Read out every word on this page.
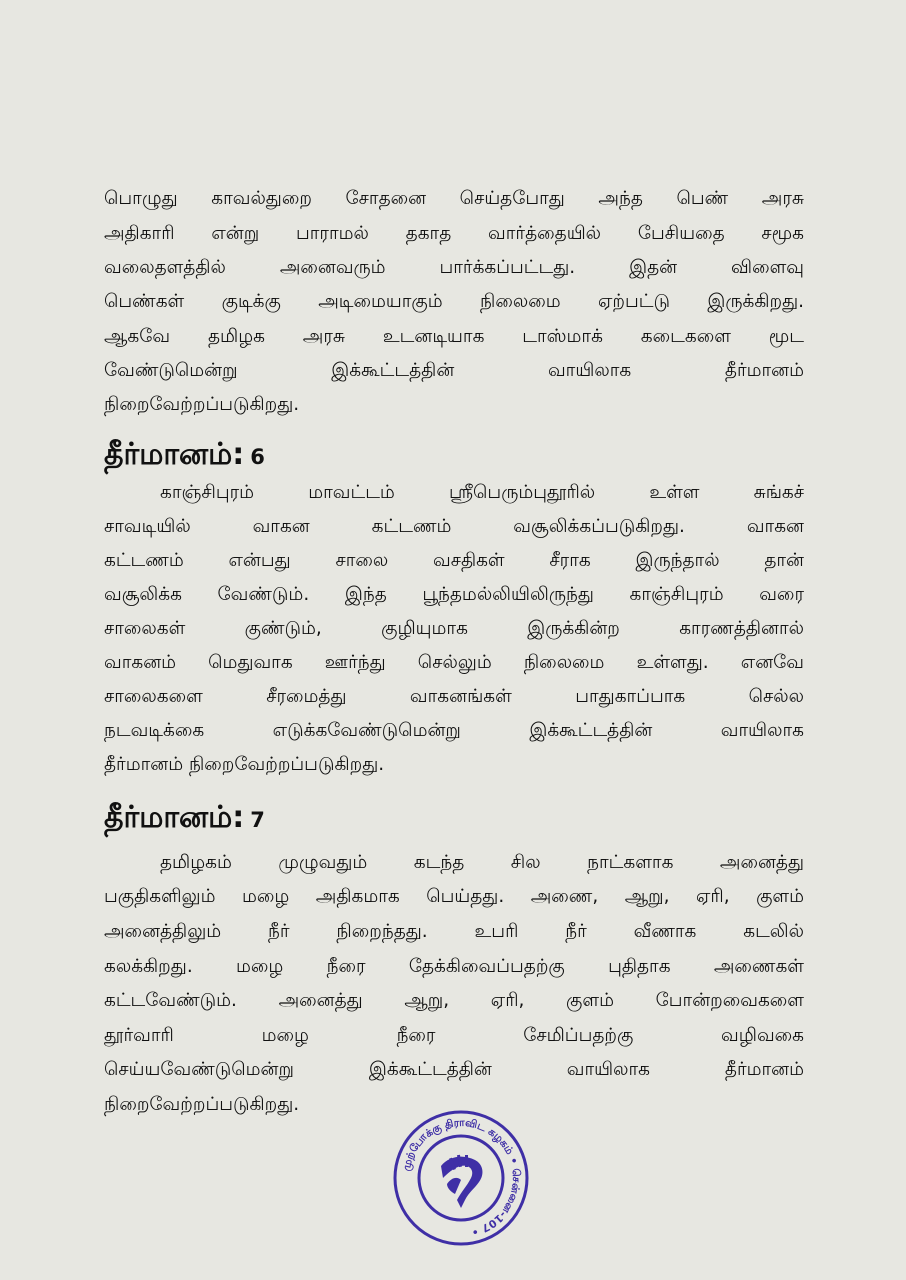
பொழுது காவல்துறை சோதனை செய்தபோது அந்த பெண் அரசு
அதிகாரி என்று பாராமல் தகாத வார்த்தையில் பேசியதை சமூக
வலைதளத்தில் அனைவரும் பார்க்கப்பட்டது. இதன் விளைவு
பெண்கள் குடிக்கு அடிமையாகும் நிலைமை ஏற்பட்டு இருக்கிறது.
ஆகவே தமிழக அரசு உடனடியாக டாஸ்மாக் கடைகளை மூட
வேண்டுமென்று இக்கூட்டத்தின் வாயிலாக தீர்மானம்
நிறைவேற்றப்படுகிறது.
தீர்மானம்: 6
காஞ்சிபுரம் மாவட்டம் ஸ்ரீபெரும்புதூரில் உள்ள சுங்கச்
சாவடியில் வாகன கட்டணம் வசூலிக்கப்படுகிறது. வாகன
கட்டணம் என்பது சாலை வசதிகள் சீராக இருந்தால் தான்
வசூலிக்க வேண்டும். இந்த பூந்தமல்லியிலிருந்து காஞ்சிபுரம் வரை
சாலைகள் குண்டும், குழியுமாக இருக்கின்ற காரணத்தினால்
வாகனம் மெதுவாக ஊர்ந்து செல்லும் நிலைமை உள்ளது. எனவே
சாலைகளை சீரமைத்து வாகனங்கள் பாதுகாப்பாக செல்ல
நடவடிக்கை எடுக்கவேண்டுமென்று இக்கூட்டத்தின் வாயிலாக
தீர்மானம் நிறைவேற்றப்படுகிறது.
தீர்மானம்: 7
தமிழகம் முழுவதும் கடந்த சில நாட்களாக அனைத்து
பகுதிகளிலும் மழை அதிகமாக பெய்தது. அணை, ஆறு, ஏரி, குளம்
அனைத்திலும் நீர் நிறைந்தது. உபரி நீர் வீணாக கடலில்
கலக்கிறது. மழை நீரை தேக்கிவைப்பதற்கு புதிதாக அணைகள்
கட்டவேண்டும். அனைத்து ஆறு, ஏரி, குளம் போன்றவைகளை
தூர்வாரி மழை நீரை சேமிப்பதற்கு வழிவகை
செய்யவேண்டுமென்று இக்கூட்டத்தின் வாயிலாக தீர்மானம்
நிறைவேற்றப்படுகிறது.
முற்போக்கு திராவிட கழகம் • சென்னை-107 •
